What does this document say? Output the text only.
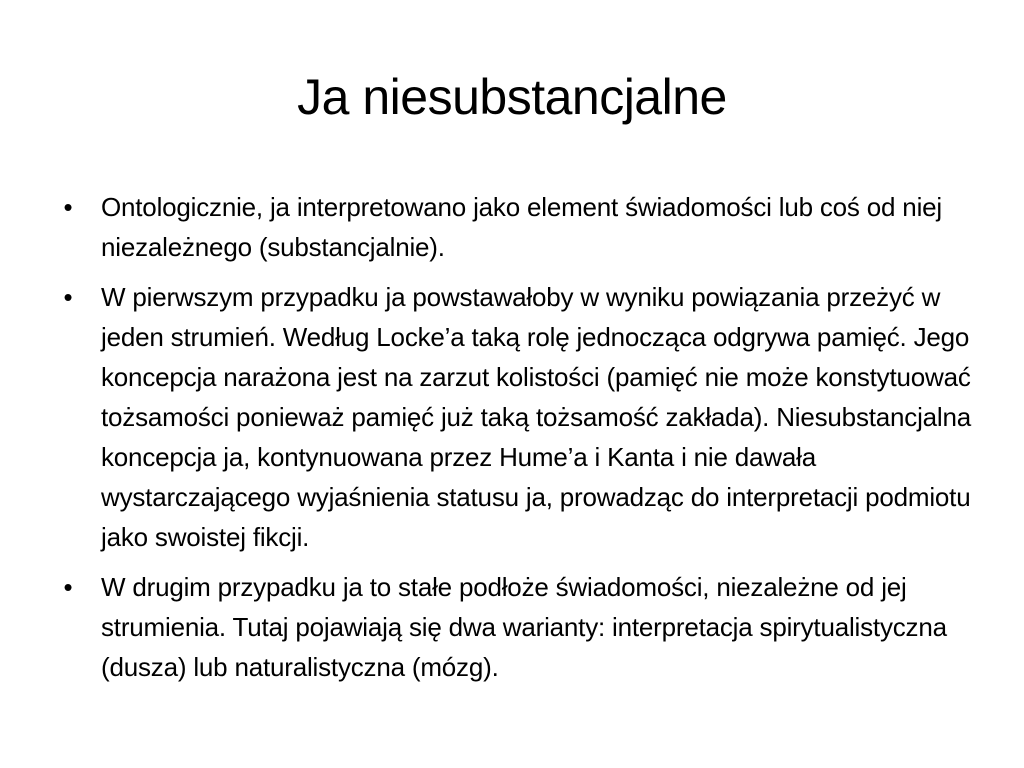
Ja niesubstancjalne
• Ontologicznie, ja interpretowano jako element świadomości lub coś od niej niezależnego (substancjalnie).
• W pierwszym przypadku ja powstawałoby w wyniku powiązania przeżyć w jeden strumień. Według Locke’a taką rolę jednocząca odgrywa pamięć. Jego koncepcja narażona jest na zarzut kolistości (pamięć nie może konstytuować tożsamości ponieważ pamięć już taką tożsamość zakłada). Niesubstancjalna koncepcja ja, kontynuowana przez Hume’a i Kanta i nie dawała wystarczającego wyjaśnienia statusu ja, prowadząc do interpretacji podmiotu jako swoistej fikcji.
• W drugim przypadku ja to stałe podłoże świadomości, niezależne od jej strumienia. Tutaj pojawiają się dwa warianty: interpretacja spirytualistyczna (dusza) lub naturalistyczna (mózg).
